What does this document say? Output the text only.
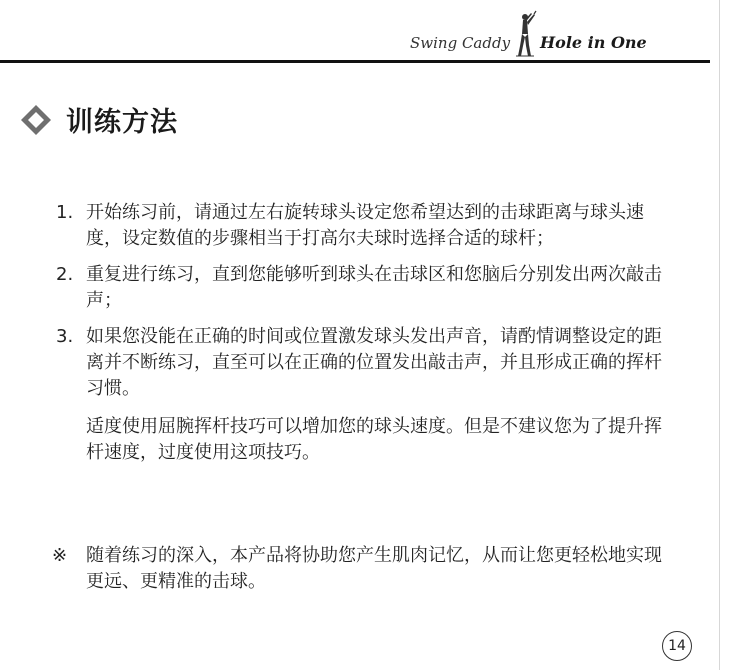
Swing Caddy Hole in One
训练方法
1. 开始练习前，请通过左右旋转球头设定您希望达到的击球距离与球头速度，设定数值的步骤相当于打高尔夫球时选择合适的球杆；
2. 重复进行练习，直到您能够听到球头在击球区和您脑后分别发出两次敲击声；
3. 如果您没能在正确的时间或位置激发球头发出声音，请酌情调整设定的距离并不断练习，直至可以在正确的位置发出敲击声，并且形成正确的挥杆习惯。
适度使用屈腕挥杆技巧可以增加您的球头速度。但是不建议您为了提升挥杆速度，过度使用这项技巧。
※	随着练习的深入，本产品将协助您产生肌肉记忆，从而让您更轻松地实现更远、更精准的击球。
14
